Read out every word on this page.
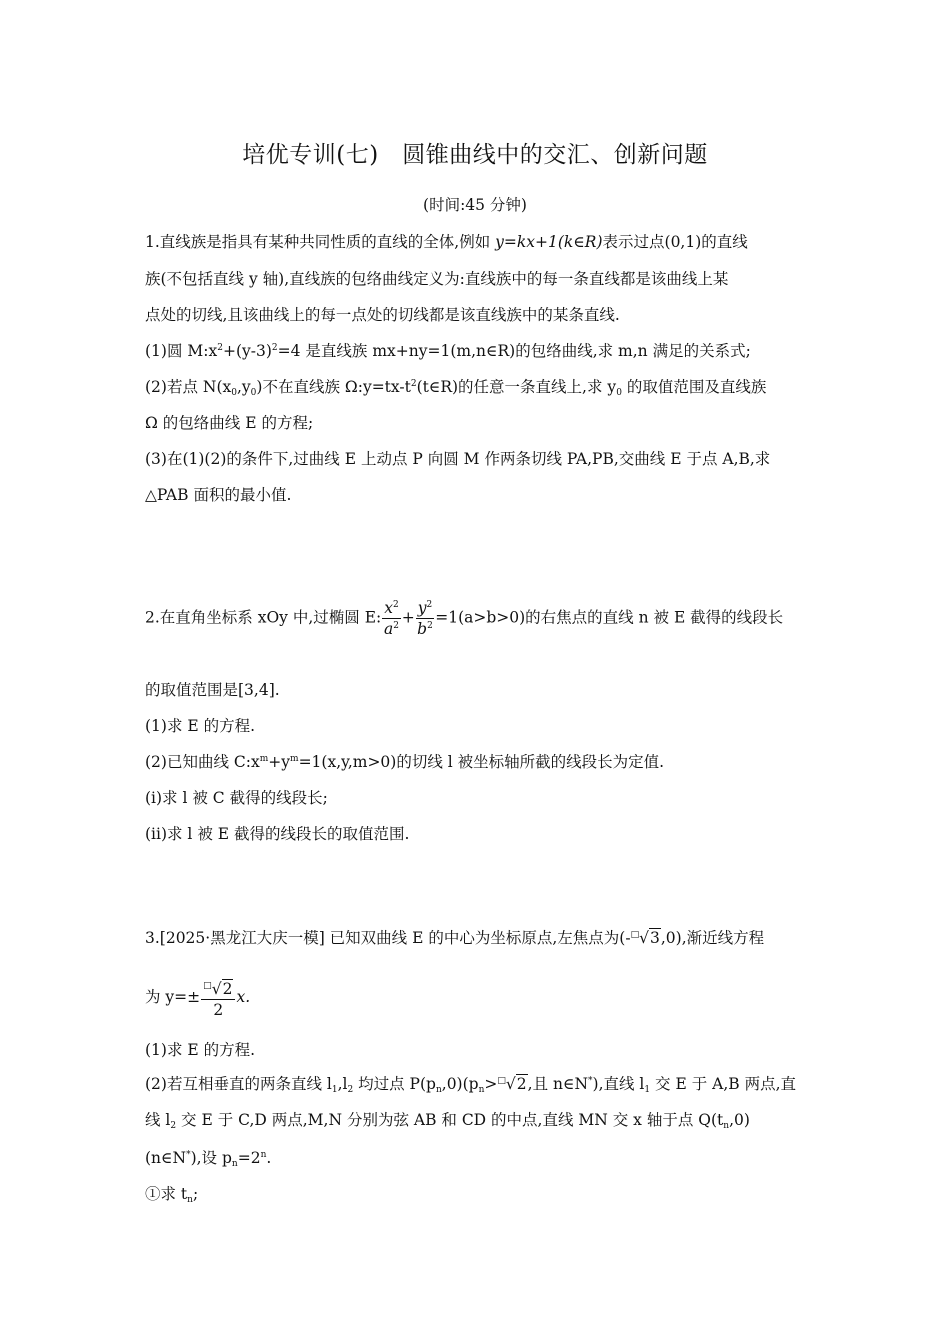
培优专训(七)　圆锥曲线中的交汇、创新问题
(时间:45 分钟)
1.直线族是指具有某种共同性质的直线的全体,例如 y=kx+1(k∈R)表示过点(0,1)的直线
族(不包括直线 y 轴),直线族的包络曲线定义为:直线族中的每一条直线都是该曲线上某
点处的切线,且该曲线上的每一点处的切线都是该直线族中的某条直线.
(1)圆 $M:x^2+(y-3)^2=4$ 是直线族 mx+ny=1(m,n∈R)的包络曲线,求 m,n 满足的关系式;
(2)若点 $N(x_0,y_0)$不在直线族 $\Omega:y=tx-t^2(t\in R)$的任意一条直线上,求 $y_0$ 的取值范围及直线族
Ω 的包络曲线 E 的方程;
(3)在(1)(2)的条件下,过曲线 E 上动点 P 向圆 M 作两条切线 PA,PB,交曲线 E 于点 A,B,求
△PAB 面积的最小值.
2.在直角坐标系 xOy 中,过椭圆 E: $\frac{x^2}{a^2} + \frac{y^2}{b^2} =1(a>b>0)$的右焦点的直线 n 被 E 截得的线段长
的取值范围是[3,4].
(1)求 E 的方程.
(2)已知曲线 $C:x^m+y^m=1(x,y,m>0)$的切线 l 被坐标轴所截的线段长为定值.
(i)求 l 被 C 截得的线段长;
(ii)求 l 被 E 截得的线段长的取值范围.
3.[2025·黑龙江大庆一模] 已知双曲线 E 的中心为坐标原点,左焦点为(-□√3,0),渐近线方程
为 $y=\pm \frac{^□√2}{2} x$.
(1)求 E 的方程.
(2)若互相垂直的两条直线 $l_1,l_2$ 均过点 $P(p_n,0)(p_n>^□√2$,且 n∈N*),直线 $l_1$ 交 E 于 A,B 两点,直
线 $l_2$ 交 E 于 C,D 两点,M,N 分别为弦 AB 和 CD 的中点,直线 MN 交 x 轴于点 $Q(t_n,0)$
(n∈N*),设 $p_n=2^n$.
①求 $t_n$;
